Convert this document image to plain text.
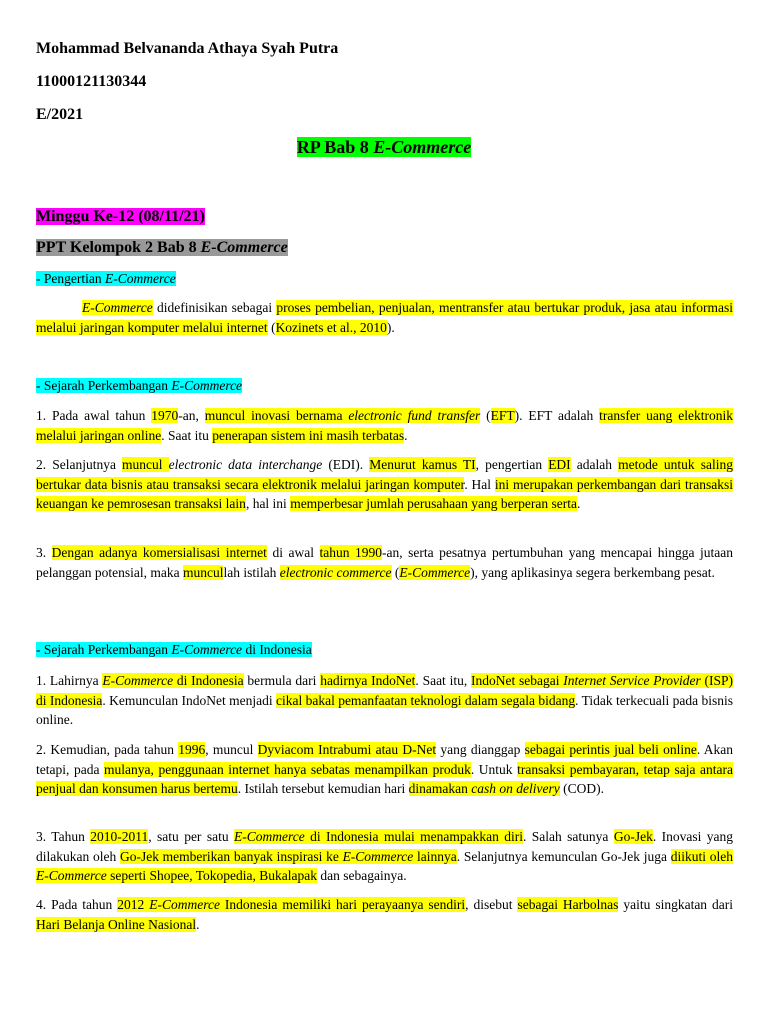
Mohammad Belvananda Athaya Syah Putra
11000121130344
E/2021
RP Bab 8 E-Commerce
Minggu Ke-12 (08/11/21)
PPT Kelompok 2 Bab 8 E-Commerce
- Pengertian E-Commerce
E-Commerce didefinisikan sebagai proses pembelian, penjualan, mentransfer atau bertukar produk, jasa atau informasi melalui jaringan komputer melalui internet (Kozinets et al., 2010).
- Sejarah Perkembangan E-Commerce
1. Pada awal tahun 1970-an, muncul inovasi bernama electronic fund transfer (EFT). EFT adalah transfer uang elektronik melalui jaringan online. Saat itu penerapan sistem ini masih terbatas.
2. Selanjutnya muncul electronic data interchange (EDI). Menurut kamus TI, pengertian EDI adalah metode untuk saling bertukar data bisnis atau transaksi secara elektronik melalui jaringan komputer. Hal ini merupakan perkembangan dari transaksi keuangan ke pemrosesan transaksi lain, hal ini memperbesar jumlah perusahaan yang berperan serta.
3. Dengan adanya komersialisasi internet di awal tahun 1990-an, serta pesatnya pertumbuhan yang mencapai hingga jutaan pelanggan potensial, maka muncullah istilah electronic commerce (E-Commerce), yang aplikasinya segera berkembang pesat.
- Sejarah Perkembangan E-Commerce di Indonesia
1. Lahirnya E-Commerce di Indonesia bermula dari hadirnya IndoNet. Saat itu, IndoNet sebagai Internet Service Provider (ISP) di Indonesia. Kemunculan IndoNet menjadi cikal bakal pemanfaatan teknologi dalam segala bidang. Tidak terkecuali pada bisnis online.
2. Kemudian, pada tahun 1996, muncul Dyviacom Intrabumi atau D-Net yang dianggap sebagai perintis jual beli online. Akan tetapi, pada mulanya, penggunaan internet hanya sebatas menampilkan produk. Untuk transaksi pembayaran, tetap saja antara penjual dan konsumen harus bertemu. Istilah tersebut kemudian hari dinamakan cash on delivery (COD).
3. Tahun 2010-2011, satu per satu E-Commerce di Indonesia mulai menampakkan diri. Salah satunya Go-Jek. Inovasi yang dilakukan oleh Go-Jek memberikan banyak inspirasi ke E-Commerce lainnya. Selanjutnya kemunculan Go-Jek juga diikuti oleh E-Commerce seperti Shopee, Tokopedia, Bukalapak dan sebagainya.
4. Pada tahun 2012 E-Commerce Indonesia memiliki hari perayaanya sendiri, disebut sebagai Harbolnas yaitu singkatan dari Hari Belanja Online Nasional.
